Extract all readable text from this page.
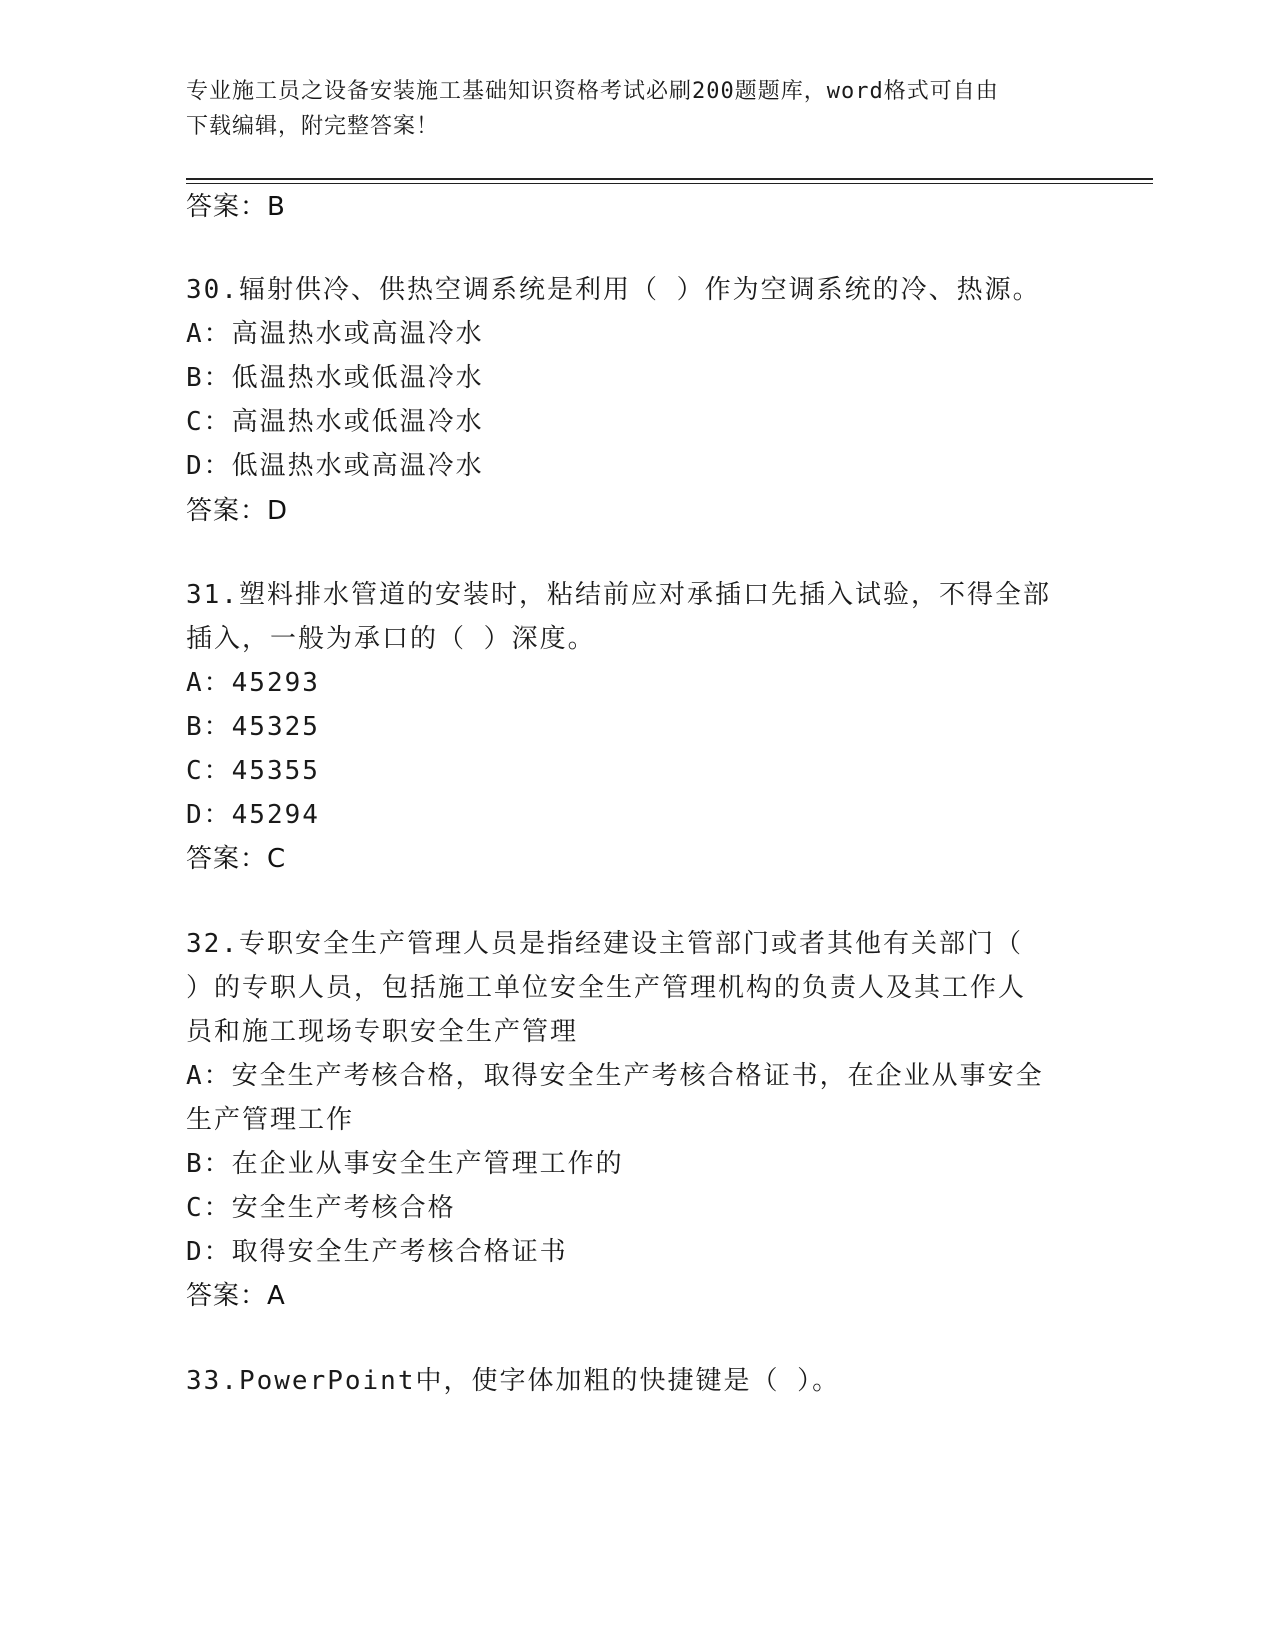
专业施工员之设备安装施工基础知识资格考试必刷200题题库，word格式可自由
下载编辑，附完整答案！
答案：B
30.辐射供冷、供热空调系统是利用（ ）作为空调系统的冷、热源。
A：高温热水或高温冷水
B：低温热水或低温冷水
C：高温热水或低温冷水
D：低温热水或高温冷水
答案：D
31.塑料排水管道的安装时，粘结前应对承插口先插入试验，不得全部
插入，一般为承口的（ ）深度。
A：45293
B：45325
C：45355
D：45294
答案：C
32.专职安全生产管理人员是指经建设主管部门或者其他有关部门（
）的专职人员，包括施工单位安全生产管理机构的负责人及其工作人
员和施工现场专职安全生产管理
A：安全生产考核合格，取得安全生产考核合格证书，在企业从事安全
生产管理工作
B：在企业从事安全生产管理工作的
C：安全生产考核合格
D：取得安全生产考核合格证书
答案：A
33.PowerPoint中，使字体加粗的快捷键是（ ）。
